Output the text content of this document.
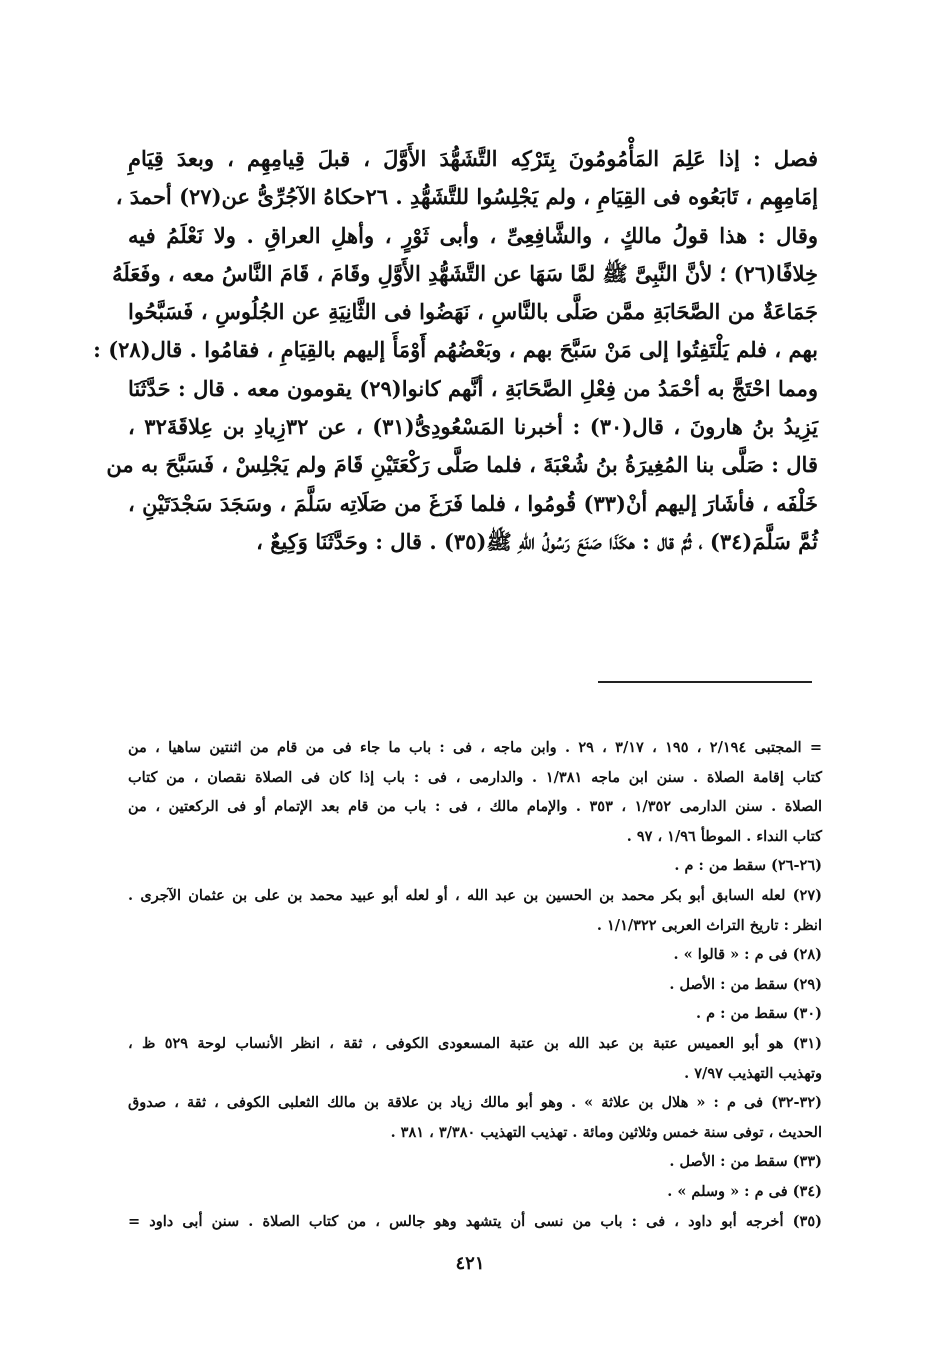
فصل : إذا عَلِمَ المَأْمُومُونَ بِتَرْكِه التَّشَهُّدَ الأَوَّلَ ، قبلَ قِيامِهِم ، وبعدَ قِيَامِ
إمَامِهِم ، تَابَعُوه فى القِيَامِ ، ولم يَجْلِسُوا للتَّشَهُّدِ . ٢٦حكاهُ الآجُرِّىُّ عن(٢٧) أحمدَ ،
وقال : هذا قولُ مالكٍ ، والشَّافِعِىِّ ، وأبى ثَوْرٍ ، وأهلِ العراقِ . ولا نَعْلَمُ فيه
خِلافًا(٢٦) ؛ لأنَّ النَّبِىَّ ﷺ لمَّا سَهَا عن التَّشَهُّدِ الأَوَّلِ وقَامَ ، قَامَ النَّاسُ معه ، وفَعَلَهُ
جَمَاعَةٌ من الصَّحَابَةِ ممَّن صَلَّى بالنَّاسِ ، نَهَضُوا فى الثَّانِيَةِ عن الجُلُوسِ ، فَسَبَّحُوا
بهم ، فلم يَلْتَفِتُوا إلى مَنْ سَبَّحَ بهم ، وبَعْضُهُم أَوْمَأَ إليهم بالقِيَامِ ، فقامُوا . قال(٢٨) :
ومما احْتَجَّ به أحْمَدُ من فِعْلِ الصَّحَابَةِ ، أنَّهم كانوا(٢٩) يقومون معه . قال : حَدَّثَنَا
يَزِيدُ بنُ هارونَ ، قال(٣٠) : أخبرنا المَسْعُودِىُّ(٣١) ، عن ٣٢زِيادِ بن عِلاقَةَ٣٢ ،
قال : صَلَّى بنا المُغِيرَةُ بنُ شُعْبَةَ ، فلما صَلَّى رَكْعَتَيْنِ قَامَ ولم يَجْلِسْ ، فَسَبَّحَ به من
خَلْفَه ، فأشَارَ إليهم أنْ(٣٣) قُومُوا ، فلما فَرَغَ من صَلَاتِه سَلَّمَ ، وسَجَدَ سَجْدَتَيْنِ ،
ثُمَّ سَلَّمَ(٣٤) ، ثُمَّ قال : هكَذَا صَنَعَ رَسُولُ اللهِ ﷺ(٣٥) . قال : وحَدَّثَنَا وَكِيعٌ ،
= المجتبى ٢/١٩٤ ، ١٩٥ ، ٣/١٧ ، ٢٩ . وابن ماجه ، فى : باب ما جاء فى من قام من اثنتين ساهيا ، من
كتاب إقامة الصلاة . سنن ابن ماجه ١/٣٨١ . والدارمى ، فى : باب إذا كان فى الصلاة نقصان ، من كتاب
الصلاة . سنن الدارمى ١/٣٥٢ ، ٣٥٣ . والإمام مالك ، فى : باب من قام بعد الإتمام أو فى الركعتين ، من
كتاب النداء . الموطأ ١/٩٦ ، ٩٧ .
(٢٦-٢٦) سقط من : م .
(٢٧) لعله السابق أبو بكر محمد بن الحسين بن عبد الله ، أو لعله أبو عبيد محمد بن على بن عثمان الآجرى .
انظر : تاريخ التراث العربى ١/١/٣٢٢ .
(٢٨) فى م : « قالوا » .
(٢٩) سقط من : الأصل .
(٣٠) سقط من : م .
(٣١) هو أبو العميس عتبة بن عبد الله بن عتبة المسعودى الكوفى ، ثقة ، انظر الأنساب لوحة ٥٢٩ ظ ،
وتهذيب التهذيب ٧/٩٧ .
(٣٢-٣٢) فى م : « هلال بن علاثة » . وهو أبو مالك زياد بن علاقة بن مالك الثعلبى الكوفى ، ثقة ، صدوق
الحديث ، توفى سنة خمس وثلاثين ومائة . تهذيب التهذيب ٣/٣٨٠ ، ٣٨١ .
(٣٣) سقط من : الأصل .
(٣٤) فى م : « وسلم » .
(٣٥) أخرجه أبو داود ، فى : باب من نسى أن يتشهد وهو جالس ، من كتاب الصلاة . سنن أبى داود =
٤٢١
